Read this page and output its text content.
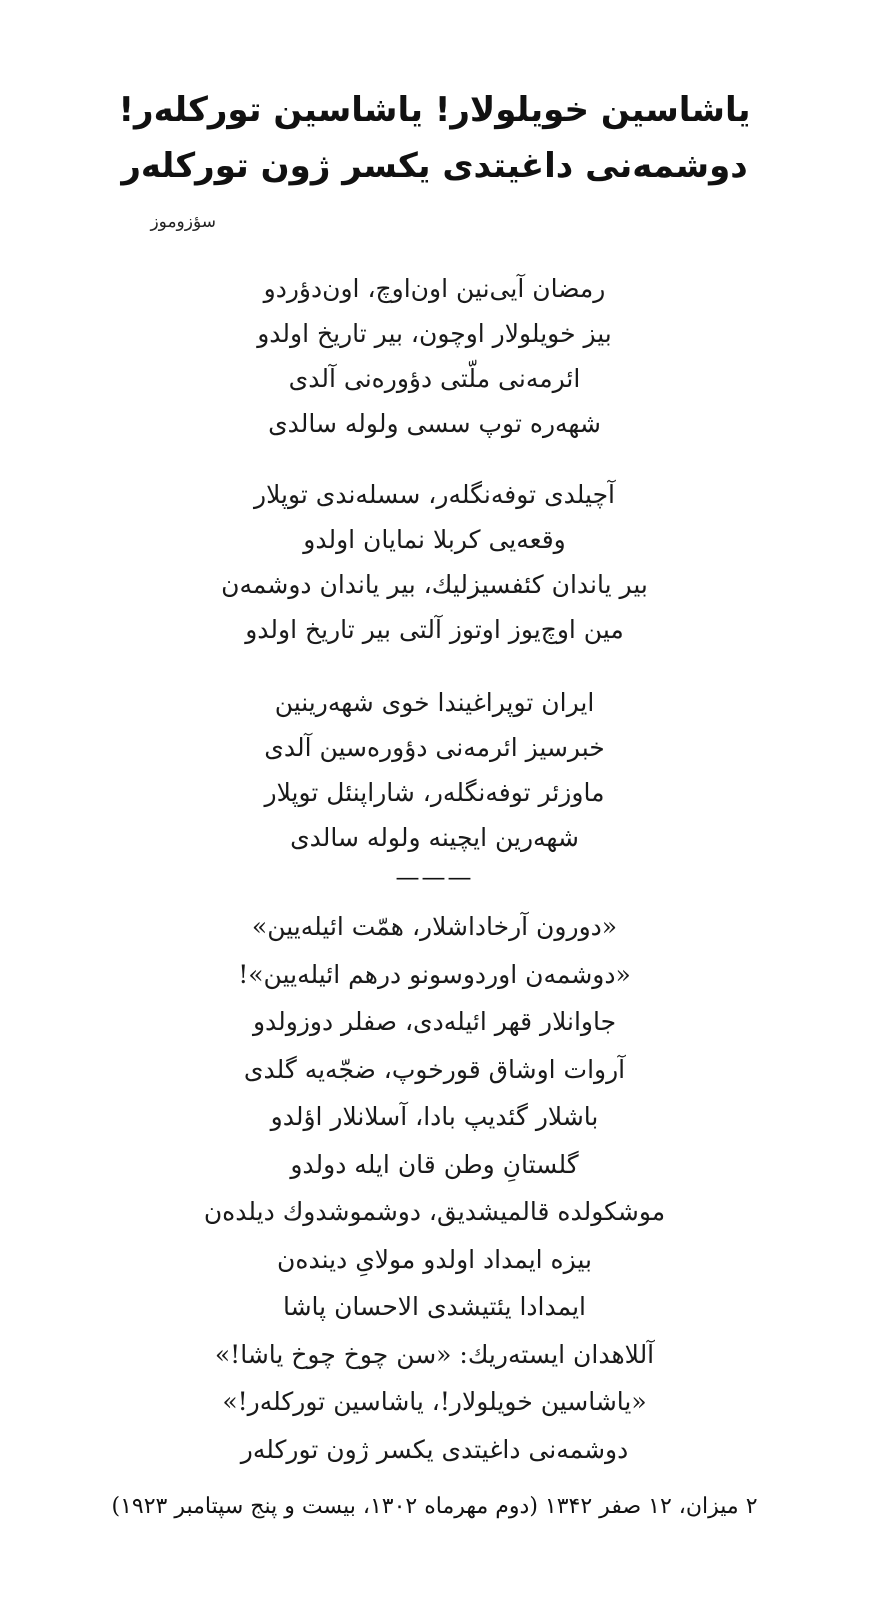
یاشاسین خویلولار! یاشاسین تورکله‌ر!
دوشمه‌نی داغیتدی یکسر ژون تورکله‌ر
سؤزوموز
رمضان آیی‌نین اون‌اوچ، اون‌دؤردو
بیز خویلولار اوچون، بیر تاریخ اولدو
ائرمه‌نی ملّتی دؤوره‌نی آلدی
شهه‌ره توپ سسی ولوله سالدی
آچیلدی توفه‌نگله‌ر، سسله‌ندی توپلار
وقعه‌یی کربلا نمایان اولدو
بیر یاندان کئفسیزلیك، بیر یاندان دوشمه‌ن
مین اوچ‌یوز اوتوز آلتی بیر تاریخ اولدو
ایران توپراغیندا خوی شهه‌رینین
خبرسیز ائرمه‌نی دؤوره‌سین آلدی
ماوزئر توفه‌نگله‌ر، شاراپنئل توپلار
شهه‌رین ایچینه ولوله سالدی
———
«دورون آرخاداشلار، همّت ائیله‌یین»
«دوشمه‌ن اوردوسونو درهم ائیله‌یین»!
جاوانلار قهر ائیله‌دی، صفلر دوزولدو
آروات اوشاق قورخوپ، ضجّه‌یه گلدی
باشلار گئدیپ بادا، آسلانلار اؤلدو
گلستانِ وطن قان ایله دولدو
موشکولده قالمیشدیق، دوشموشدوك دیلده‌ن
بیزه ایمداد اولدو مولایِ دینده‌ن
ایمدادا یئتیشدی الاحسان پاشا
آللاهدان ایسته‌ریك: «سن چوخ چوخ یاشا!»
«یاشاسین خویلولار!، یاشاسین تورکله‌ر!»
دوشمه‌نی داغیتدی یکسر ژون تورکله‌ر
۲ میزان، ۱۲ صفر ۱۳۴۲ (دوم مهرماه ۱۳۰۲، بیست و پنج سپتامبر ۱۹۲۳)
